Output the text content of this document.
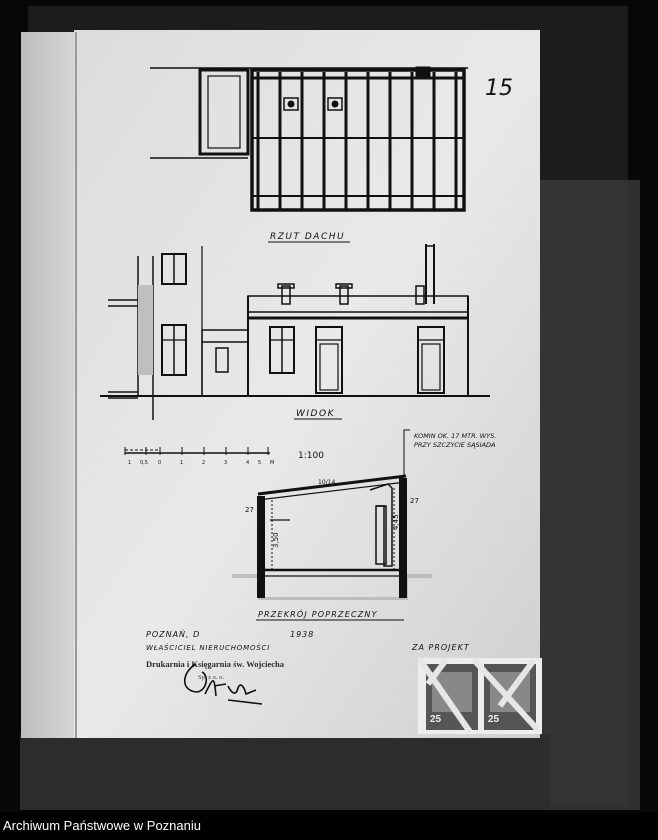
15
RZUT DACHU
WIDOK
KOMIN OK. 17 MTR. WYS.
PRZY SZCZYCIE SĄSIADA
1 0,5 0	1	2	3	4 5 M
1:100
27
27
3,50
4,45
10/14
PRZEKRÓJ POPRZECZNY
POZNAŃ, D	1938
WŁAŚCICIEL NIERUCHOMOŚCI
Drukarnia i Księgarnia św. Wojciecha
Sp. z o. o.
ZA PROJEKT
25	25
Archiwum Państwowe w Poznaniu
